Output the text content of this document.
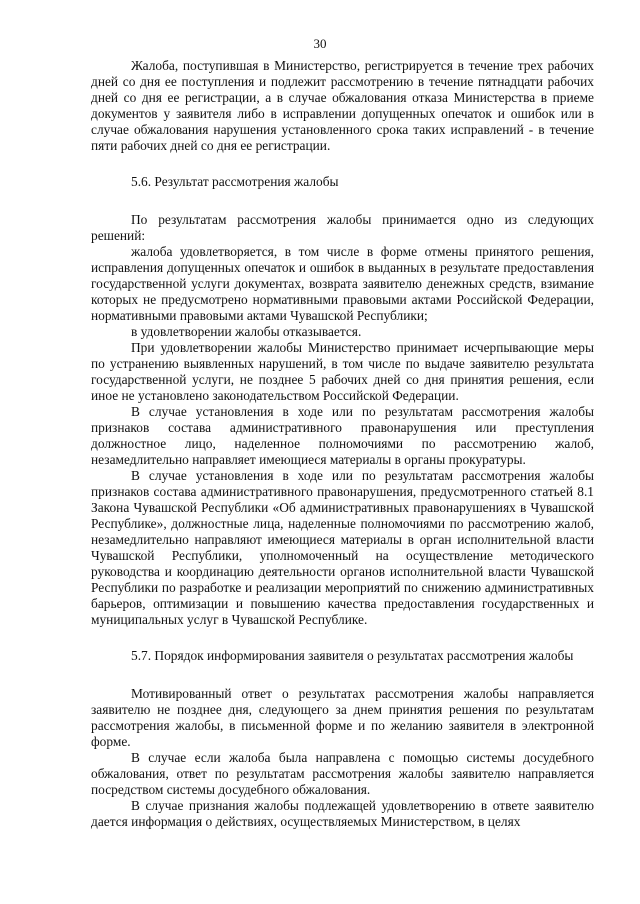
30

Жалоба, поступившая в Министерство, регистрируется в течение трех рабочих дней со дня ее поступления и подлежит рассмотрению в течение пятнадцати рабочих дней со дня ее регистрации, а в случае обжалования отказа Министерства в приеме документов у заявителя либо в исправлении допущенных опечаток и ошибок или в случае обжалования нарушения установленного срока таких исправлений - в течение пяти рабочих дней со дня ее регистрации.

5.6. Результат рассмотрения жалобы

По результатам рассмотрения жалобы принимается одно из следующих решений:

жалоба удовлетворяется, в том числе в форме отмены принятого решения, исправления допущенных опечаток и ошибок в выданных в результате предоставления государственной услуги документах, возврата заявителю денежных средств, взимание которых не предусмотрено нормативными правовыми актами Российской Федерации, нормативными правовыми актами Чувашской Республики;

в удовлетворении жалобы отказывается.

При удовлетворении жалобы Министерство принимает исчерпывающие меры по устранению выявленных нарушений, в том числе по выдаче заявителю результата государственной услуги, не позднее 5 рабочих дней со дня принятия решения, если иное не установлено законодательством Российской Федерации.

В случае установления в ходе или по результатам рассмотрения жалобы признаков состава административного правонарушения или преступления должностное лицо, наделенное полномочиями по рассмотрению жалоб, незамедлительно направляет имеющиеся материалы в органы прокуратуры.

В случае установления в ходе или по результатам рассмотрения жалобы признаков состава административного правонарушения, предусмотренного статьей 8.1 Закона Чувашской Республики «Об административных правонарушениях в Чувашской Республике», должностные лица, наделенные полномочиями по рассмотрению жалоб, незамедлительно направляют имеющиеся материалы в орган исполнительной власти Чувашской Республики, уполномоченный на осуществление методического руководства и координацию деятельности органов исполнительной власти Чувашской Республики по разработке и реализации мероприятий по снижению административных барьеров, оптимизации и повышению качества предоставления государственных и муниципальных услуг в Чувашской Республике.

5.7. Порядок информирования заявителя о результатах рассмотрения жалобы

Мотивированный ответ о результатах рассмотрения жалобы направляется заявителю не позднее дня, следующего за днем принятия решения по результатам рассмотрения жалобы, в письменной форме и по желанию заявителя в электронной форме.

В случае если жалоба была направлена с помощью системы досудебного обжалования, ответ по результатам рассмотрения жалобы заявителю направляется посредством системы досудебного обжалования.

В случае признания жалобы подлежащей удовлетворению в ответе заявителю дается информация о действиях, осуществляемых Министерством, в целях
